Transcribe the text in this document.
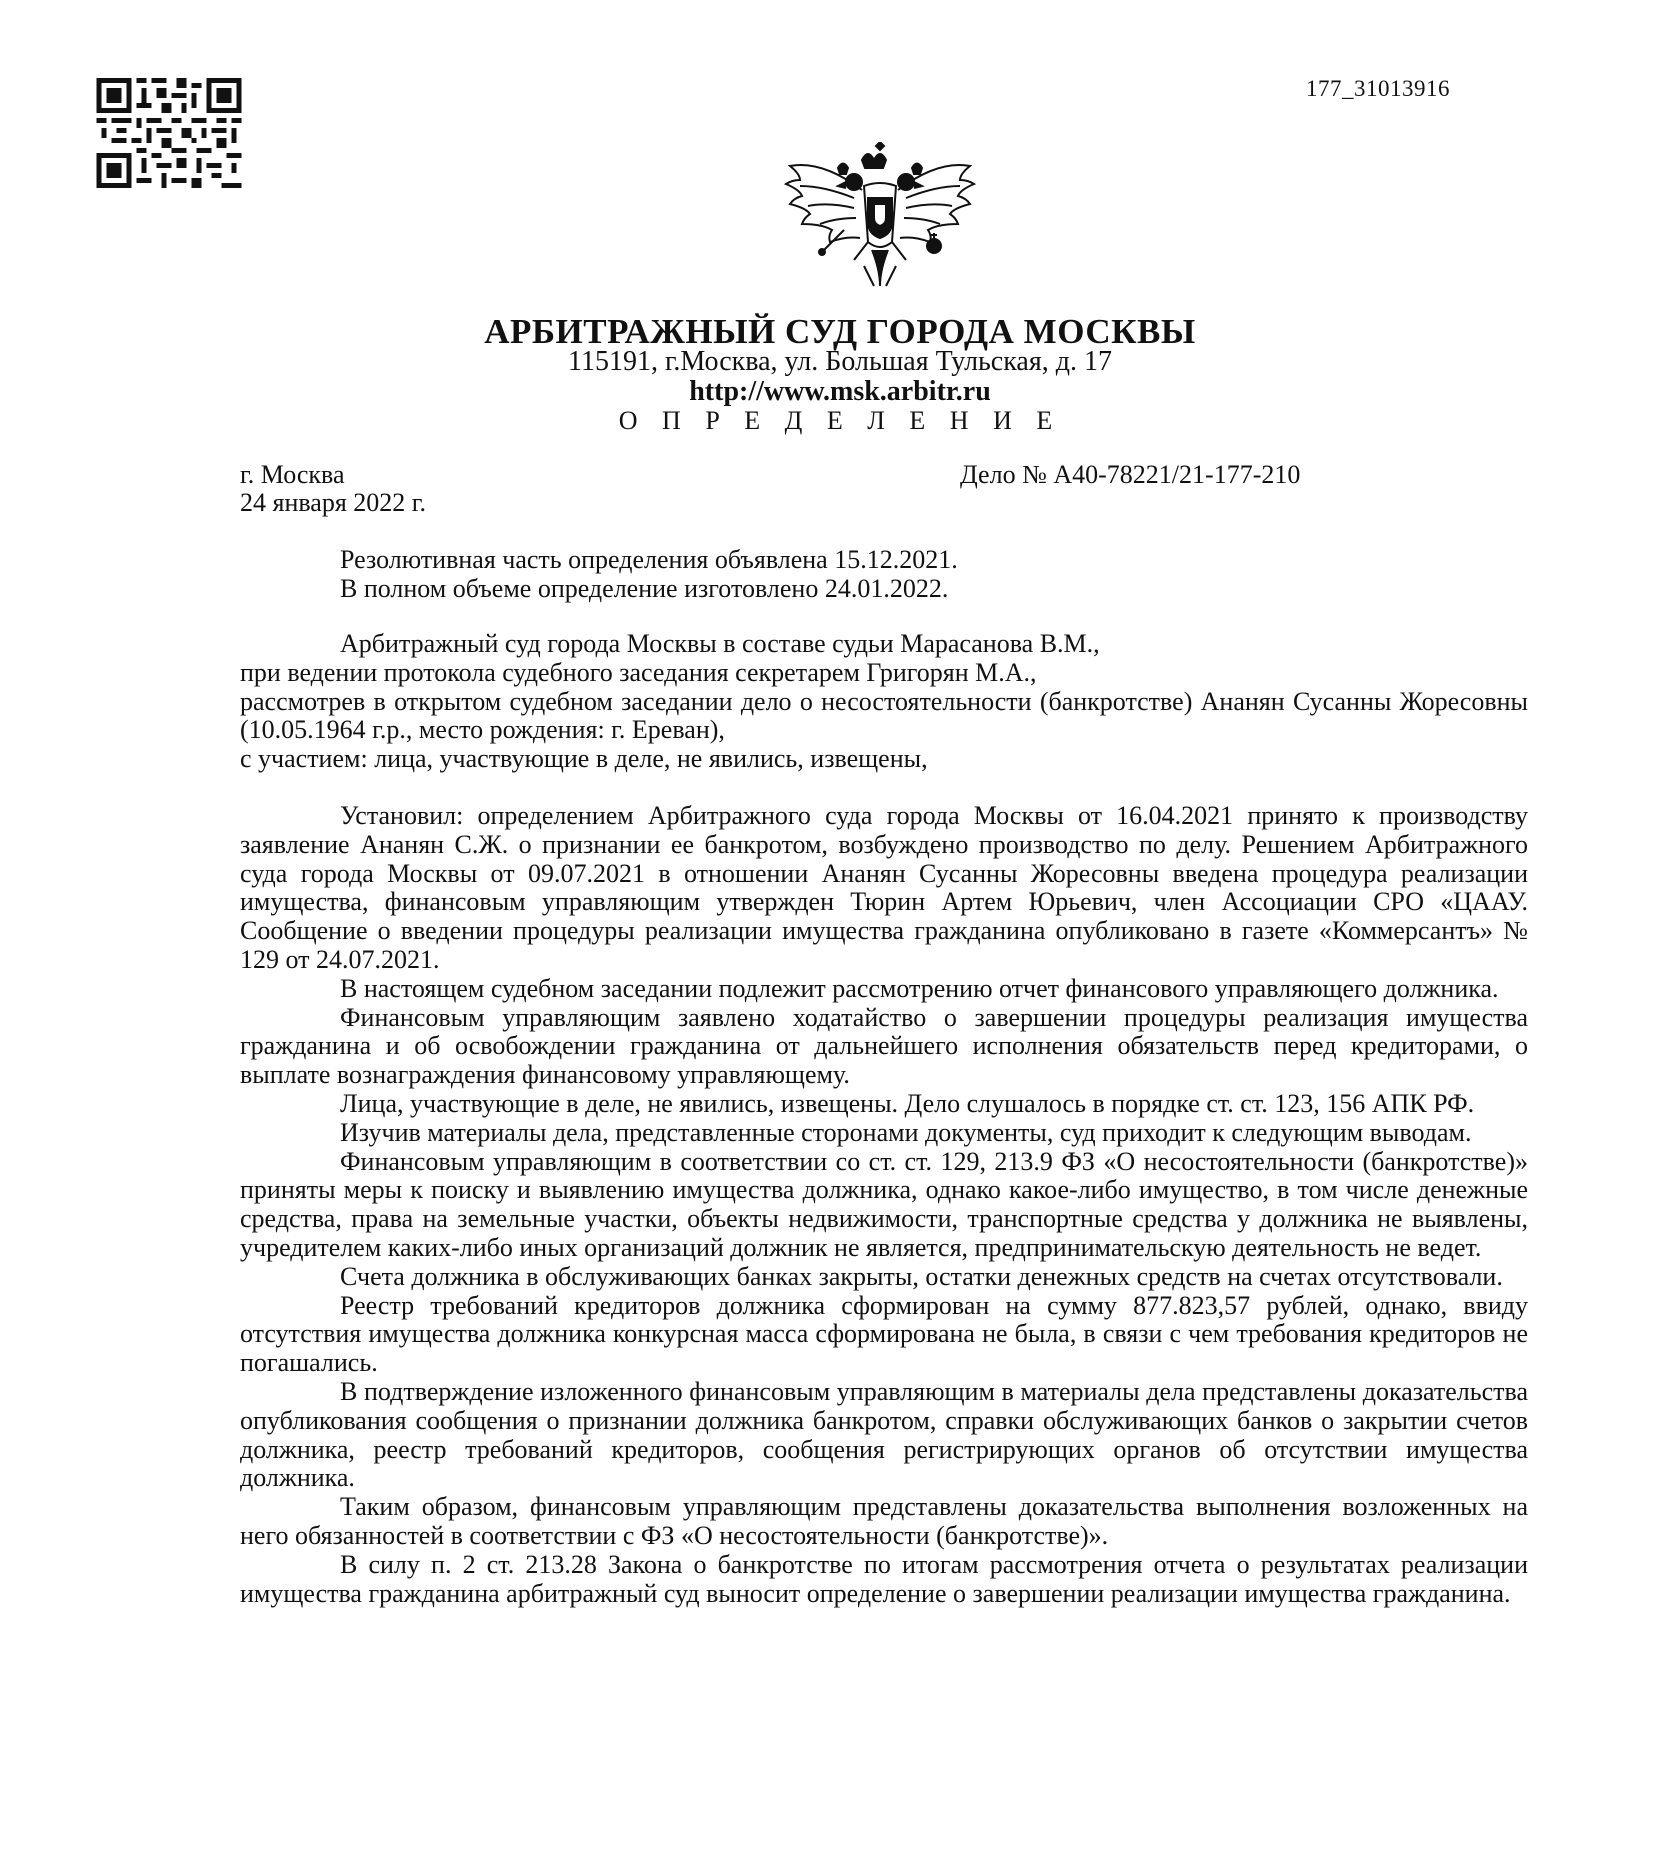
177_31013916
АРБИТРАЖНЫЙ СУД ГОРОДА МОСКВЫ
115191, г.Москва, ул. Большая Тульская, д. 17
http://www.msk.arbitr.ru
О П Р Е Д Е Л Е Н И Е
г. Москва
24 января 2022 г.
Дело № А40-78221/21-177-210
Резолютивная часть определения объявлена 15.12.2021.
В полном объеме определение изготовлено 24.01.2022.

Арбитражный суд города Москвы в составе судьи Марасанова В.М.,

при ведении протокола судебного заседания секретарем Григорян М.А.,

рассмотрев в открытом судебном заседании дело о несостоятельности (банкротстве) Ананян Сусанны Жоресовны (10.05.1964 г.р., место рождения: г. Ереван),

с участием: лица, участвующие в деле, не явились, извещены,

Установил: определением Арбитражного суда города Москвы от 16.04.2021 принято к производству заявление Ананян С.Ж. о признании ее банкротом, возбуждено производство по делу. Решением Арбитражного суда города Москвы от 09.07.2021 в отношении Ананян Сусанны Жоресовны введена процедура реализации имущества, финансовым управляющим утвержден Тюрин Артем Юрьевич, член Ассоциации СРО «ЦААУ. Сообщение о введении процедуры реализации имущества гражданина опубликовано в газете «Коммерсантъ» № 129 от 24.07.2021.

В настоящем судебном заседании подлежит рассмотрению отчет финансового управляющего должника.

Финансовым управляющим заявлено ходатайство о завершении процедуры реализация имущества гражданина и об освобождении гражданина от дальнейшего исполнения обязательств перед кредиторами, о выплате вознаграждения финансовому управляющему.

Лица, участвующие в деле, не явились, извещены. Дело слушалось в порядке ст. ст. 123, 156 АПК РФ.

Изучив материалы дела, представленные сторонами документы, суд приходит к следующим выводам.

Финансовым управляющим в соответствии со ст. ст. 129, 213.9 ФЗ «О несостоятельности (банкротстве)» приняты меры к поиску и выявлению имущества должника, однако какое-либо имущество, в том числе денежные средства, права на земельные участки, объекты недвижимости, транспортные средства у должника не выявлены, учредителем каких-либо иных организаций должник не является, предпринимательскую деятельность не ведет.

Счета должника в обслуживающих банках закрыты, остатки денежных средств на счетах отсутствовали.

Реестр требований кредиторов должника сформирован на сумму 877.823,57 рублей, однако, ввиду отсутствия имущества должника конкурсная масса сформирована не была, в связи с чем требования кредиторов не погашались.

В подтверждение изложенного финансовым управляющим в материалы дела представлены доказательства опубликования сообщения о признании должника банкротом, справки обслуживающих банков о закрытии счетов должника, реестр требований кредиторов, сообщения регистрирующих органов об отсутствии имущества должника.

Таким образом, финансовым управляющим представлены доказательства выполнения возложенных на него обязанностей в соответствии с ФЗ «О несостоятельности (банкротстве)».

В силу п. 2 ст. 213.28 Закона о банкротстве по итогам рассмотрения отчета о результатах реализации имущества гражданина арбитражный суд выносит определение о завершении реализации имущества гражданина.
